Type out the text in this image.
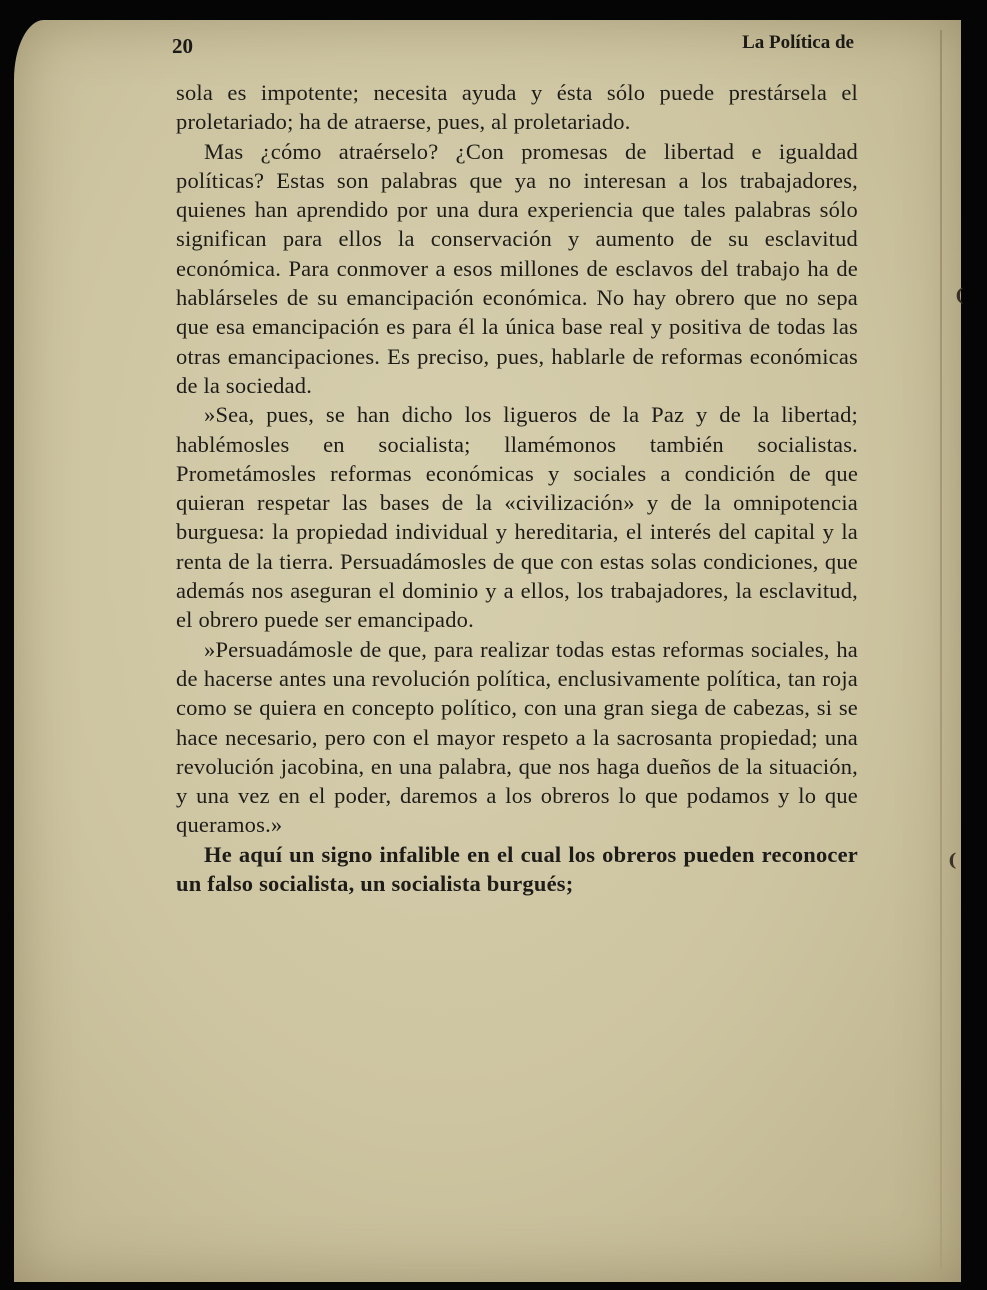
20	La Política de

sola es impotente; necesita ayuda y ésta sólo puede prestársela el proletariado; ha de atraerse, pues, al proletariado.

Mas ¿cómo atraérselo? ¿Con promesas de libertad e igualdad políticas? Estas son palabras que ya no interesan a los trabajadores, quienes han aprendido por una dura experiencia que tales palabras sólo significan para ellos la conservación y aumento de su esclavitud económica. Para conmover a esos millones de esclavos del trabajo ha de hablárseles de su emancipación económica. No hay obrero que no sepa que esa emancipación es para él la única base real y positiva de todas las otras emancipaciones. Es preciso, pues, hablarle de reformas económicas de la sociedad.

»Sea, pues, se han dicho los ligueros de la Paz y de la libertad; hablémosles en socialista; llamémonos también socialistas. Prometámosles reformas económicas y sociales a condición de que quieran respetar las bases de la «civilización» y de la omnipotencia burguesa: la propiedad individual y hereditaria, el interés del capital y la renta de la tierra. Persuadámosles de que con estas solas condiciones, que además nos aseguran el dominio y a ellos, los trabajadores, la esclavitud, el obrero puede ser emancipado.

»Persuadámosle de que, para realizar todas estas reformas sociales, ha de hacerse antes una revolución política, enclusivamente política, tan roja como se quiera en concepto político, con una gran siega de cabezas, si se hace necesario, pero con el mayor respeto a la sacrosanta propiedad; una revolución jacobina, en una palabra, que nos haga dueños de la situación, y una vez en el poder, daremos a los obreros lo que podamos y lo que queramos.»

He aquí un signo infalible en el cual los obreros pueden reconocer un falso socialista, un socialista burgués;

(
(
